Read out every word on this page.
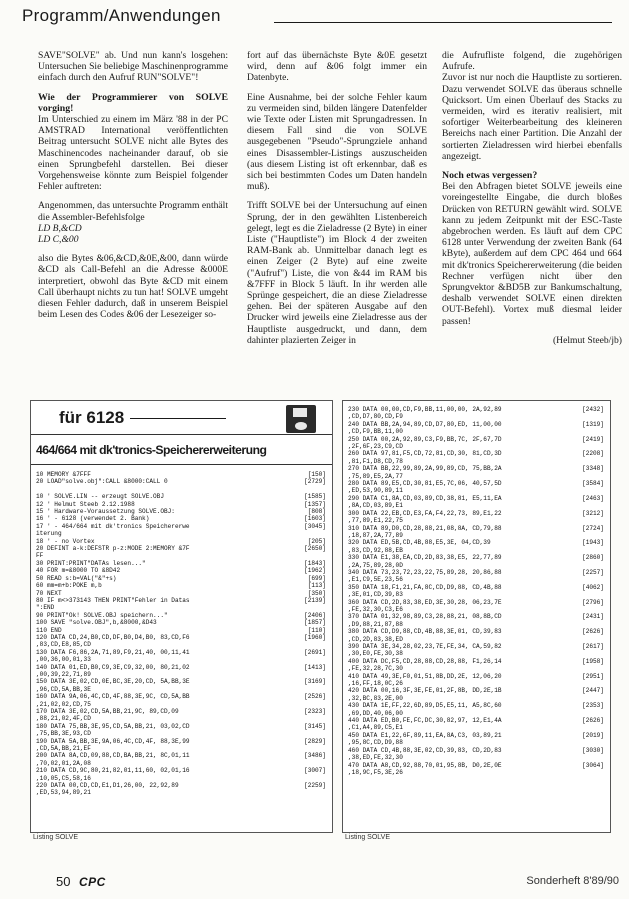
Programm/Anwendungen

SAVE"SOLVE" ab. Und nun kann's losgehen: Untersuchen Sie beliebige Maschinenprogramme einfach durch den Aufruf RUN"SOLVE"!

Wie der Programmierer von SOLVE vorging!

Im Unterschied zu einem im März '88 in der PC AMSTRAD International veröffentlichten Beitrag untersucht SOLVE nicht alle Bytes des Maschinencodes nacheinander darauf, ob sie einen Sprungbefehl darstellen. Bei dieser Vorgehensweise könnte zum Beispiel folgender Fehler auftreten:

Angenommen, das untersuchte Programm enthält die Assembler-Befehlsfolge

LD B,&CD
LD C,&00

also die Bytes &06,&CD,&0E,&00, dann würde &CD als Call-Befehl an die Adresse &000E interpretiert, obwohl das Byte &CD mit einem Call überhaupt nichts zu tun hat! SOLVE umgeht diesen Fehler dadurch, daß in unserem Beispiel beim Lesen des Codes &06 der Lesezeiger so-

fort auf das übernächste Byte &0E gesetzt wird, denn auf &06 folgt immer ein Datenbyte.

Eine Ausnahme, bei der solche Fehler kaum zu vermeiden sind, bilden längere Datenfelder wie Texte oder Listen mit Sprungadressen. In diesem Fall sind die von SOLVE ausgegebenen "Pseudo"-Sprungziele anhand eines Disassembler-Listings auszuscheiden (aus diesem Listing ist oft erkennbar, daß es sich bei bestimmten Codes um Daten handeln muß).

Trifft SOLVE bei der Untersuchung auf einen Sprung, der in den gewählten Listenbereich gelegt, legt es die Zieladresse (2 Byte) in einer Liste ("Hauptliste") im Block 4 der zweiten RAM-Bank ab. Unmittelbar danach legt es einen Zeiger (2 Byte) auf eine zweite ("Aufruf") Liste, die von &44 im RAM bis &7FFF in Block 5 läuft. In ihr werden alle Sprünge gespeichert, die an diese Zieladresse gehen. Bei der späteren Ausgabe auf den Drucker wird jeweils eine Zieladresse aus der Hauptliste ausgedruckt, und dann, dem dahinter plazierten Zeiger in

die Aufrufliste folgend, die zugehörigen Aufrufe.

Zuvor ist nur noch die Hauptliste zu sortieren. Dazu verwendet SOLVE das überaus schnelle Quicksort. Um einen Überlauf des Stacks zu vermeiden, wird es iterativ realisiert, mit sofortiger Weiterbearbeitung des kleineren Bereichs nach einer Partition. Die Anzahl der sortierten Zieladressen wird hierbei ebenfalls angezeigt.

Noch etwas vergessen?

Bei den Abfragen bietet SOLVE jeweils eine voreingestellte Eingabe, die durch bloßes Drücken von RETURN gewählt wird. SOLVE kann zu jedem Zeitpunkt mit der ESC-Taste abgebrochen werden. Es läuft auf dem CPC 6128 unter Verwendung der zweiten Bank (64 kByte), außerdem auf dem CPC 464 und 664 mit dk'tronics Speichererweiterung (die beiden Rechner verfügen nicht über den Sprungvektor &BD5B zur Bankumschaltung, deshalb verwendet SOLVE einen direkten OUT-Befehl). Vortex muß diesmal leider passen!

(Helmut Steeb/jb)

für 6128
464/664 mit dk'tronics-Speichererweiterung
10 MEMORY &7FFF	[150]
20 LOAD"solve.obj":CALL &8000:CALL 0	[2729]

10 ' SOLVE.LIN -- erzeugt SOLVE.OBJ	[1585]
12 ' Helmut Steeb 2.12.1988	[1357]
15 ' Hardware-Voraussetzung SOLVE.OBJ:	[808]
16 ' - 6128 (verwendet 2. Bank)	[1603]
17 ' - 464/664 mit dk'tronics Speichererwe	[3045]
iterung
18 ' - no Vortex	[205]
20 DEFINT a-k:DEFSTR p-z:MODE 2:MEMORY &7F	[2650]
FF
30 PRINT:PRINT"DATAs lesen..."	[1843]
40 FOR m=&8000 TO &8D42	[1962]
50 READ s:b=VAL("&"+s)	[699]
60 mm=m+b:POKE m,b	[113]
70 NEXT	[350]
80 IF m<>373143 THEN PRINT"Fehler in Datas	[2139]
":END
90 PRINT"Ok! SOLVE.OBJ speichern..."	[2406]
100 SAVE "solve.OBJ",b,&8000,&D43	[1857]
110 END	[110]
120 DATA CD,24,B0,CD,DF,B0,D4,B0, 83,CD,F6	[1960]
,83,CD,E8,85,CD
130 DATA F6,86,2A,71,89,F9,21,40, 00,11,41	[2691]
,00,36,00,01,33
140 DATA 01,ED,B0,C9,3E,C9,32,00, 80,21,02	[1413]
,00,39,22,71,89
150 DATA 3E,02,CD,0E,BC,3E,20,CD, 5A,BB,3E	[3169]
,96,CD,5A,BB,3E
160 DATA 9A,06,4C,CD,4F,88,3E,9C, CD,5A,BB	[2526]
,21,02,02,CD,75
170 DATA 3E,02,CD,5A,BB,21,9C, 89,CD,09	[2323]
,88,21,02,4F,CD
180 DATA 75,BB,3E,95,CD,5A,BB,21, 03,02,CD	[3145]
,75,BB,3E,93,CD
190 DATA 5A,BB,3E,9A,06,4C,CD,4F, 88,3E,99	[2829]
,CD,5A,BB,21,EF
200 DATA 8A,CD,09,88,CD,BA,BB,21, 8C,01,11	[3486]
,70,02,01,2A,08
210 DATA CD,9C,80,21,82,01,11,60, 02,01,16	[3007]
,10,05,C5,58,16
220 DATA 00,CD,CD,E1,D1,26,00, 22,92,89	[2259]
,ED,53,94,89,21
Listing SOLVE
230 DATA 00,00,CD,F9,BB,11,00,00, 2A,92,89	[2432]
,CD,D7,80,CD,F9
240 DATA BB,2A,94,89,CD,D7,80,ED, 11,00,00	[1319]
,CD,F9,BB,11,00
250 DATA 00,2A,92,89,C3,F9,BB,7C, 2F,67,7D	[2419]
,2F,6F,23,C9,CD
260 DATA 97,81,F5,CD,72,81,CD,30, 81,CD,3D	[2208]
,81,F1,D8,CD,78
270 DATA BB,22,99,89,2A,99,89,CD, 75,BB,2A	[3348]
,75,89,E5,2A,77
280 DATA 89,E5,CD,30,81,E5,7C,06, 40,57,5D	[3584]
,ED,53,90,89,11
290 DATA C1,8A,CD,03,89,CD,38,81, E5,11,EA	[2463]
,8A,CD,03,89,E1
300 DATA 22,EB,CD,E3,FA,F4,22,73, 89,E1,22	[3212]
,77,89,E1,22,75
310 DATA 89,D0,CD,28,88,21,08,8A, CD,79,88	[2724]
,18,87,2A,77,89
320 DATA ED,5B,CD,4B,88,E5,3E, 04,CD,39	[1943]
,83,CD,92,88,EB
330 DATA E1,38,EA,CD,2D,83,38,E5, 22,77,89	[2860]
,2A,75,89,28,0D
340 DATA 73,23,72,23,22,75,89,28, 20,86,88	[2257]
,E1,C9,5E,23,56
350 DATA 18,F1,21,FA,8C,CD,D9,88, CD,4B,88	[4062]
,3E,01,CD,39,83
360 DATA CD,2D,83,38,ED,3E,30,28, 06,23,7E	[2796]
,FE,32,30,C3,E6
370 DATA 01,32,98,89,C3,28,88,21, 08,8B,CD	[2431]
,D9,88,21,87,88
380 DATA CD,D9,88,CD,4B,88,3E,01, CD,39,83	[2626]
,CD,2D,83,38,ED
390 DATA 3E,34,28,02,23,7E,FE,34, CA,59,82	[2617]
,30,E0,FE,30,38
400 DATA DC,F5,CD,28,88,CD,28,88, F1,26,14	[1958]
,FE,32,28,7C,30
410 DATA 49,3E,F0,01,51,8B,DD,2E, 12,06,20	[2951]
,16,FF,18,0C,26
420 DATA 00,16,3F,3E,FE,01,2F,8B, DD,2E,1B	[2447]
,32,BC,83,2E,00
430 DATA 1E,FF,22,6D,89,D5,E5,11, A5,8C,60	[2353]
,69,DD,40,06,00
440 DATA ED,B0,FE,FC,DC,30,82,97, 12,E1,4A	[2626]
,C1,A4,89,C5,E1
450 DATA E1,22,6F,89,11,EA,8A,C3, 03,89,21	[2019]
,95,8C,CD,D9,88
460 DATA CD,4B,88,3E,02,CD,39,83, CD,2D,83	[3030]
,38,ED,FE,32,30
470 DATA A8,CD,92,88,70,01,95,8B, D0,2E,0E	[3064]
,18,9C,F5,3E,26
Listing SOLVE
50 CPC	Sonderheft 8'89/90
